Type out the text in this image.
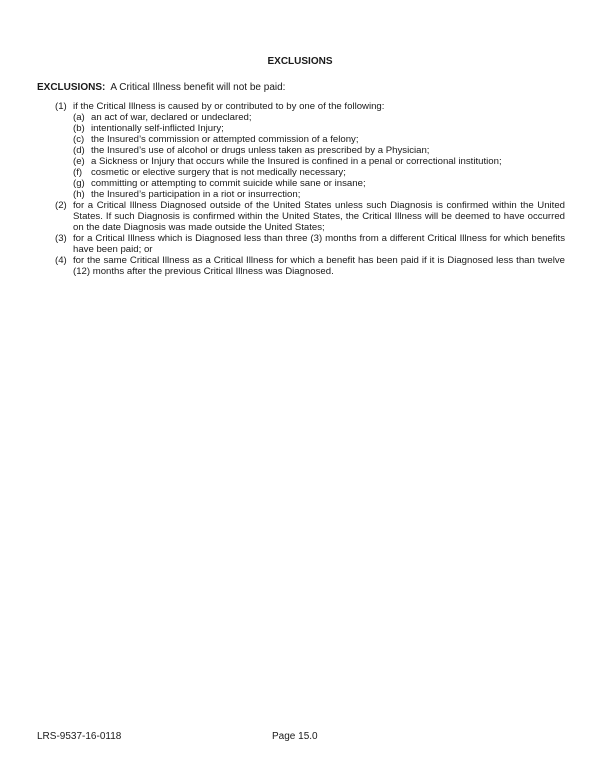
EXCLUSIONS
EXCLUSIONS: A Critical Illness benefit will not be paid:
(1) if the Critical Illness is caused by or contributed to by one of the following:
(a) an act of war, declared or undeclared;
(b) intentionally self-inflicted Injury;
(c) the Insured’s commission or attempted commission of a felony;
(d) the Insured’s use of alcohol or drugs unless taken as prescribed by a Physician;
(e) a Sickness or Injury that occurs while the Insured is confined in a penal or correctional institution;
(f) cosmetic or elective surgery that is not medically necessary;
(g) committing or attempting to commit suicide while sane or insane;
(h) the Insured’s participation in a riot or insurrection;
(2) for a Critical Illness Diagnosed outside of the United States unless such Diagnosis is confirmed within the United States. If such Diagnosis is confirmed within the United States, the Critical Illness will be deemed to have occurred on the date Diagnosis was made outside the United States;
(3) for a Critical Illness which is Diagnosed less than three (3) months from a different Critical Illness for which benefits have been paid; or
(4) for the same Critical Illness as a Critical Illness for which a benefit has been paid if it is Diagnosed less than twelve (12) months after the previous Critical Illness was Diagnosed.
LRS-9537-16-0118	Page 15.0
